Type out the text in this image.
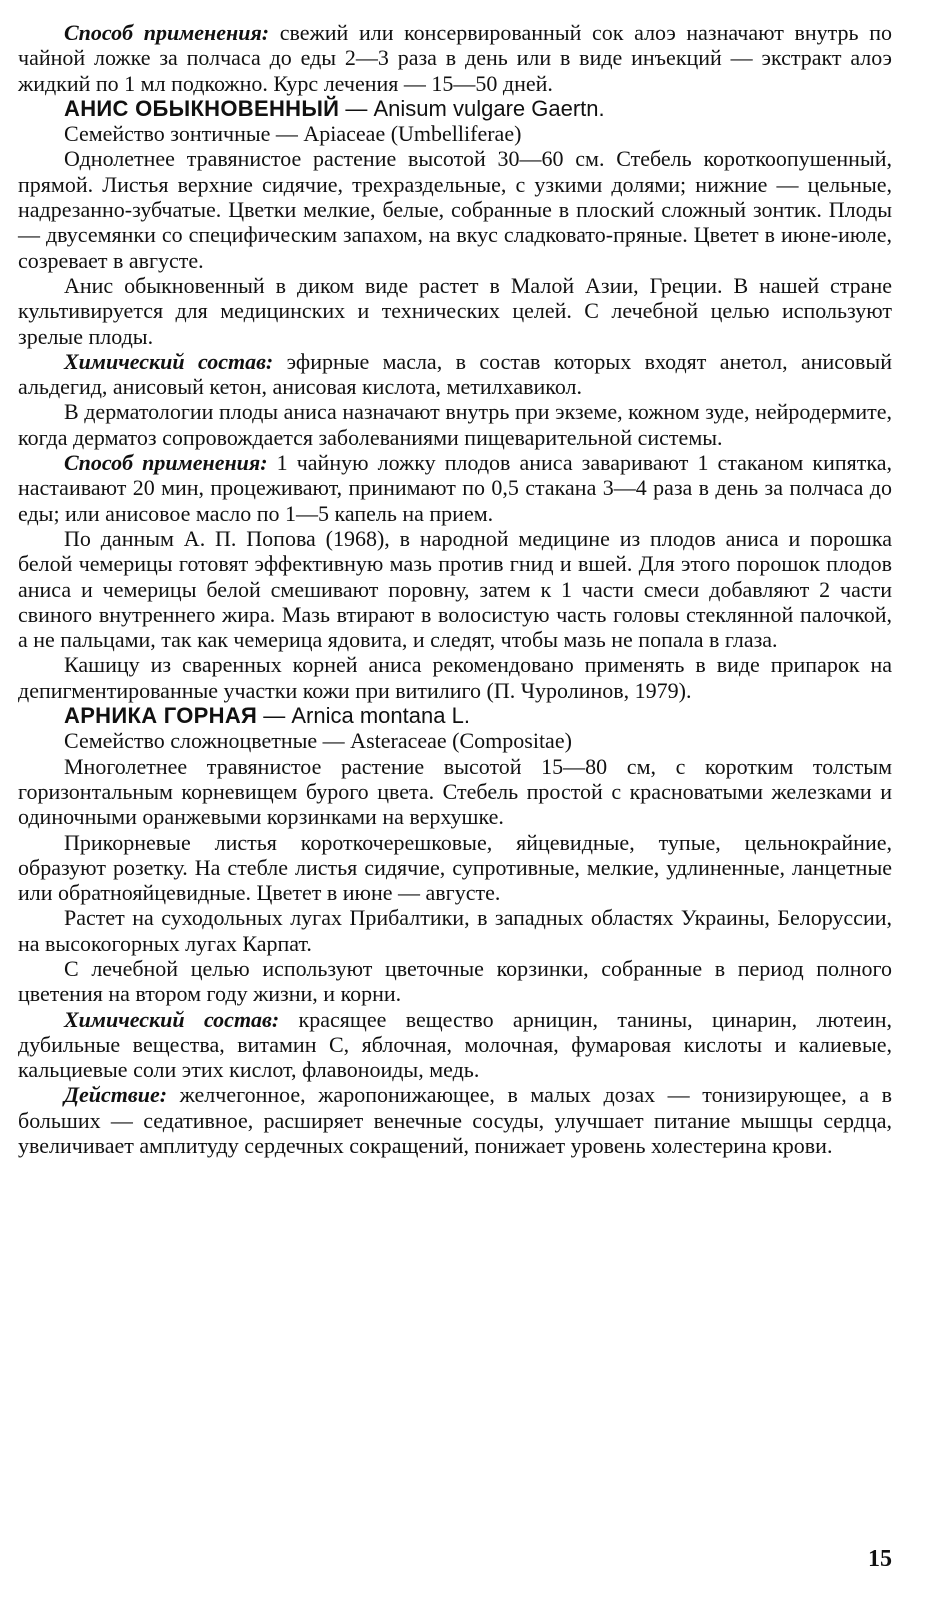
Способ применения: свежий или консервированный сок алоэ назначают внутрь по чайной ложке за полчаса до еды 2—3 раза в день или в виде инъекций — экстракт алоэ жидкий по 1 мл подкожно. Курс лечения — 15—50 дней.

АНИС ОБЫКНОВЕННЫЙ — Anisum vulgare Gaertn.

Семейство зонтичные — Apiaceae (Umbelliferae)

Однолетнее травянистое растение высотой 30—60 см. Стебель короткоопушенный, прямой. Листья верхние сидячие, трехраздельные, с узкими долями; нижние — цельные, надрезанно-зубчатые. Цветки мелкие, белые, собранные в плоский сложный зонтик. Плоды — двусемянки со специфическим запахом, на вкус сладковато-пряные. Цветет в июне-июле, созревает в августе.

Анис обыкновенный в диком виде растет в Малой Азии, Греции. В нашей стране культивируется для медицинских и технических целей. С лечебной целью используют зрелые плоды.

Химический состав: эфирные масла, в состав которых входят анетол, анисовый альдегид, анисовый кетон, анисовая кислота, метилхавикол.

В дерматологии плоды аниса назначают внутрь при экземе, кожном зуде, нейродермите, когда дерматоз сопровождается заболеваниями пищеварительной системы.

Способ применения: 1 чайную ложку плодов аниса заваривают 1 стаканом кипятка, настаивают 20 мин, процеживают, принимают по 0,5 стакана 3—4 раза в день за полчаса до еды; или анисовое масло по 1—5 капель на прием.

По данным А. П. Попова (1968), в народной медицине из плодов аниса и порошка белой чемерицы готовят эффективную мазь против гнид и вшей. Для этого порошок плодов аниса и чемерицы белой смешивают поровну, затем к 1 части смеси добавляют 2 части свиного внутреннего жира. Мазь втирают в волосистую часть головы стеклянной палочкой, а не пальцами, так как чемерица ядовита, и следят, чтобы мазь не попала в глаза.

Кашицу из сваренных корней аниса рекомендовано применять в виде припарок на депигментированные участки кожи при витилиго (П. Чуролинов, 1979).

АРНИКА ГОРНАЯ — Arnica montana L.

Семейство сложноцветные — Asteraceae (Compositae)

Многолетнее травянистое растение высотой 15—80 см, с коротким толстым горизонтальным корневищем бурого цвета. Стебель простой с красноватыми железками и одиночными оранжевыми корзинками на верхушке.

Прикорневые листья короткочерешковые, яйцевидные, тупые, цельнокрайние, образуют розетку. На стебле листья сидячие, супротивные, мелкие, удлиненные, ланцетные или обратнояйцевидные. Цветет в июне — августе.

Растет на суходольных лугах Прибалтики, в западных областях Украины, Белоруссии, на высокогорных лугах Карпат.

С лечебной целью используют цветочные корзинки, собранные в период полного цветения на втором году жизни, и корни.

Химический состав: красящее вещество арницин, танины, цинарин, лютеин, дубильные вещества, витамин С, яблочная, молочная, фумаровая кислоты и калиевые, кальциевые соли этих кислот, флавоноиды, медь.

Действие: желчегонное, жаропонижающее, в малых дозах — тонизирующее, а в больших — седативное, расширяет венечные сосуды, улучшает питание мышцы сердца, увеличивает амплитуду сердечных сокращений, понижает уровень холестерина крови.

15
